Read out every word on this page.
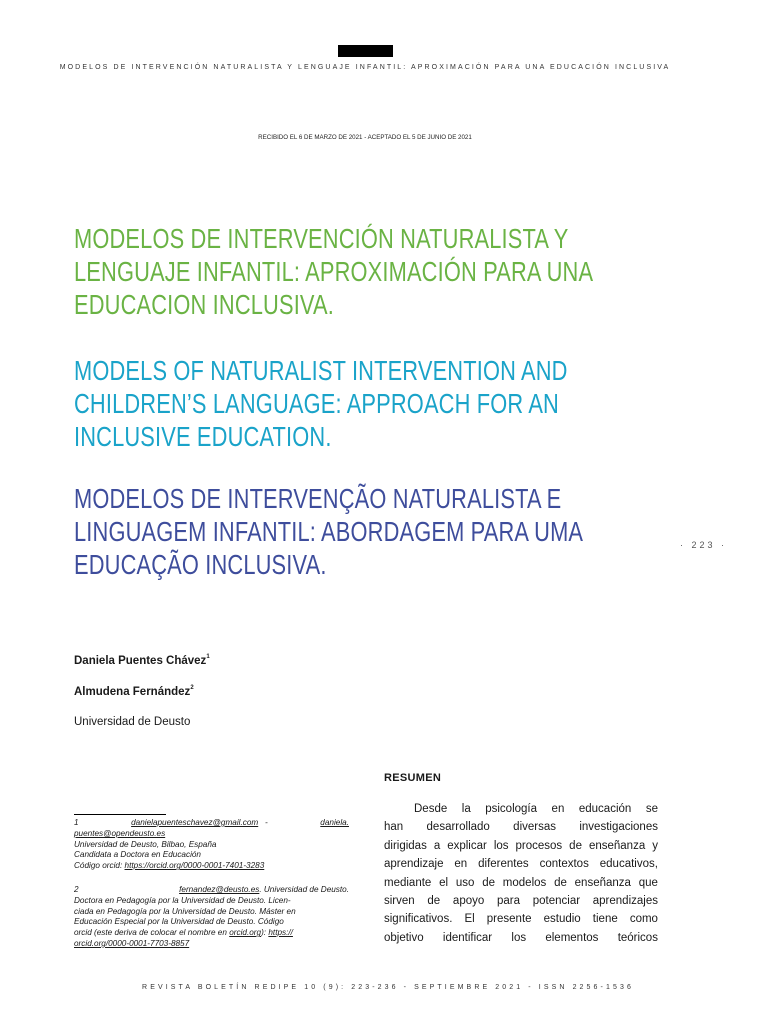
MODELOS DE INTERVENCIÓN NATURALISTA Y LENGUAJE INFANTIL: APROXIMACIÓN PARA UNA EDUCACIÓN INCLUSIVA
RECIBIDO EL 6 DE MARZO DE 2021 - ACEPTADO EL 5 DE JUNIO DE 2021
MODELOS DE INTERVENCIÓN NATURALISTA Y
LENGUAJE INFANTIL: APROXIMACIÓN PARA UNA
EDUCACION INCLUSIVA.
MODELS OF NATURALIST INTERVENTION AND
CHILDREN’S LANGUAGE: APPROACH FOR AN
INCLUSIVE EDUCATION.
MODELOS DE INTERVENÇÃO NATURALISTA E
LINGUAGEM INFANTIL: ABORDAGEM PARA UMA
EDUCAÇÃO INCLUSIVA.
· 223 ·
Daniela Puentes Chávez$^1$
Almudena Fernández$^2$
Universidad de Deusto
1	danielapuenteschavez@gmail.com -	daniela.
puentes@opendeusto.es
Universidad de Deusto, Bilbao, España
Candidata a Doctora en Educación
Código orcid: https://orcid.org/0000-0001-7401-3283
2	fernandez@deusto.es. Universidad de Deusto.
Doctora en Pedagogía por la Universidad de Deusto. Licen-
ciada en Pedagogía por la Universidad de Deusto. Máster en
Educación Especial por la Universidad de Deusto. Código
orcid (este deriva de colocar el nombre en orcid.org): https://
orcid.org/0000-0001-7703-8857
RESUMEN
Desde la psicología en educación se
han desarrollado diversas investigaciones
dirigidas a explicar los procesos de enseñanza y
aprendizaje en diferentes contextos educativos,
mediante el uso de modelos de enseñanza que
sirven de apoyo para potenciar aprendizajes
significativos. El presente estudio tiene como
objetivo identificar los elementos teóricos
REVISTA BOLETÍN REDIPE 10 (9): 223-236 - SEPTIEMBRE 2021 - ISSN 2256-1536
